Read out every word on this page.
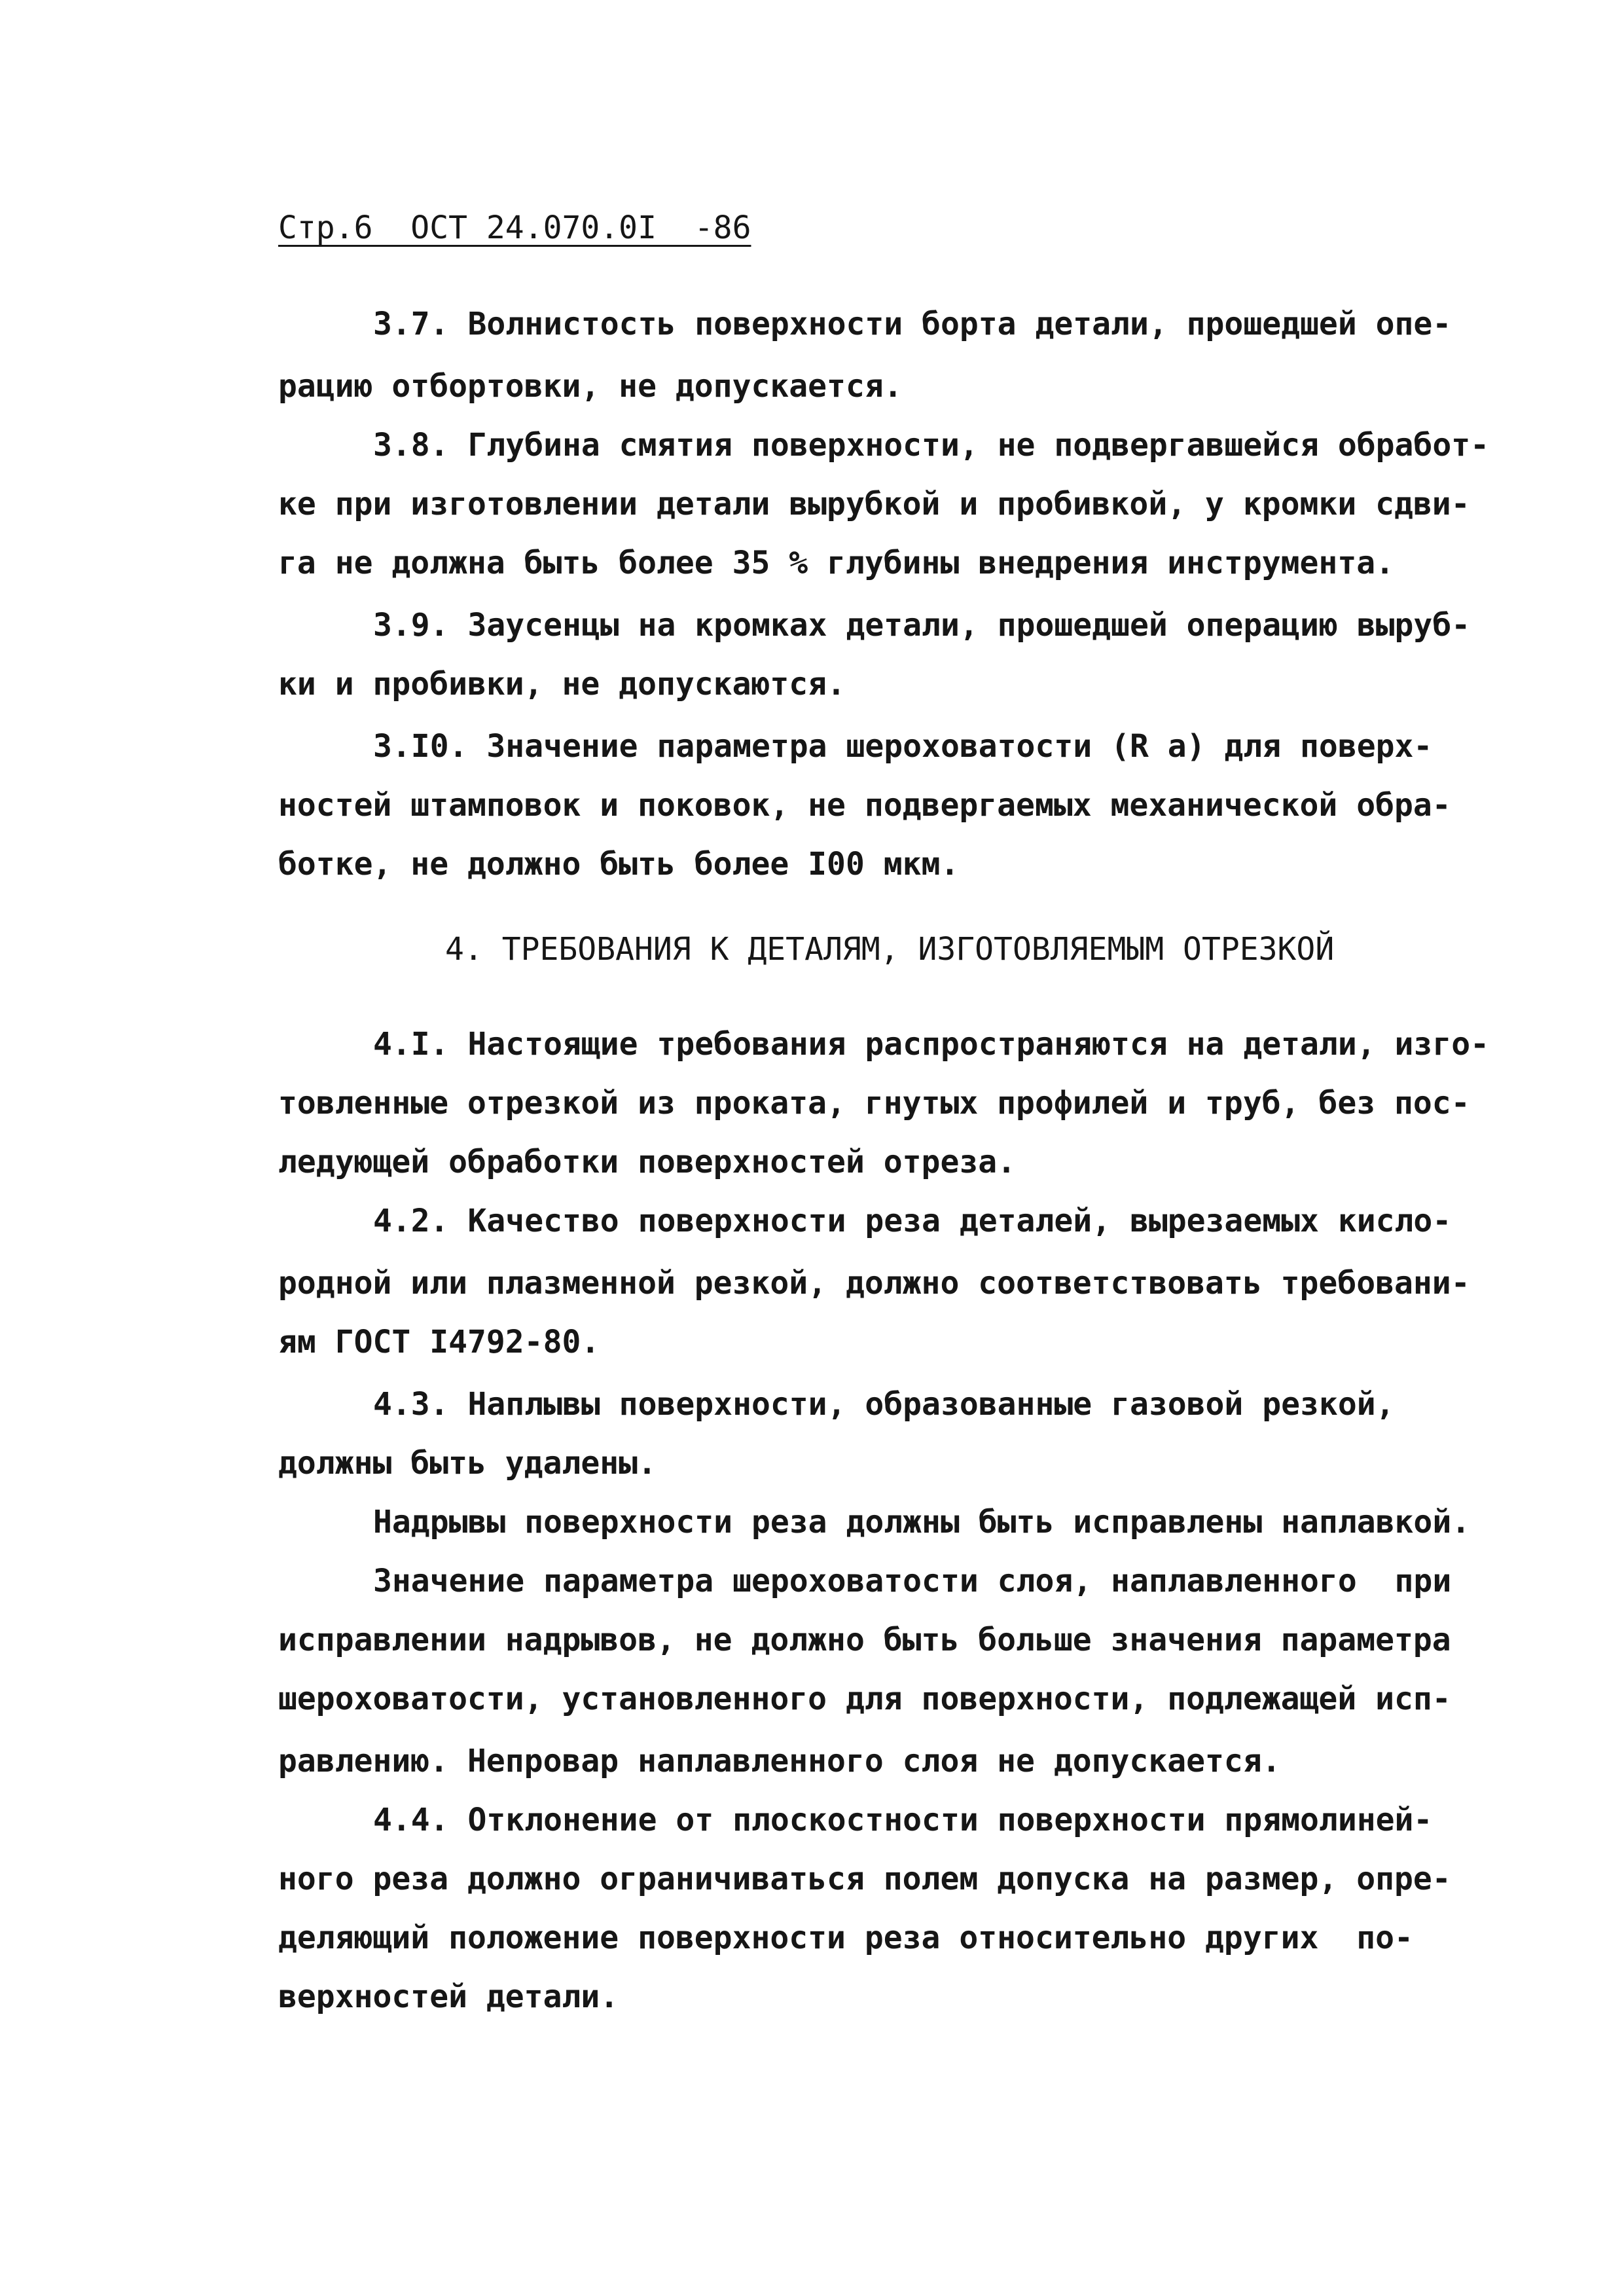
Стр.6  ОСТ 24.070.0I  -86
3.7. Волнистость поверхности борта детали, прошедшей опе-
рацию отбортовки, не допускается.
3.8. Глубина смятия поверхности, не подвергавшейся обработ-
ке при изготовлении детали вырубкой и пробивкой, у кромки сдви-
га не должна быть более 35 % глубины внедрения инструмента.
3.9. Заусенцы на кромках детали, прошедшей операцию выруб-
ки и пробивки, не допускаются.
3.I0. Значение параметра шероховатости (R a) для поверх-
ностей штамповок и поковок, не подвергаемых механической обра-
ботке, не должно быть более I00 мкм.
4. ТРЕБОВАНИЯ К ДЕТАЛЯМ, ИЗГОТОВЛЯЕМЫМ ОТРЕЗКОЙ
4.I. Настоящие требования распространяются на детали, изго-
товленные отрезкой из проката, гнутых профилей и труб, без пос-
ледующей обработки поверхностей отреза.
4.2. Качество поверхности реза деталей, вырезаемых кисло-
родной или плазменной резкой, должно соответствовать требовани-
ям ГОСТ I4792-80.
4.3. Наплывы поверхности, образованные газовой резкой,
должны быть удалены.
Надрывы поверхности реза должны быть исправлены наплавкой.
Значение параметра шероховатости слоя, наплавленного  при
исправлении надрывов, не должно быть больше значения параметра
шероховатости, установленного для поверхности, подлежащей исп-
равлению. Непровар наплавленного слоя не допускается.
4.4. Отклонение от плоскостности поверхности прямолиней-
ного реза должно ограничиваться полем допуска на размер, опре-
деляющий положение поверхности реза относительно других  по-
верхностей детали.
